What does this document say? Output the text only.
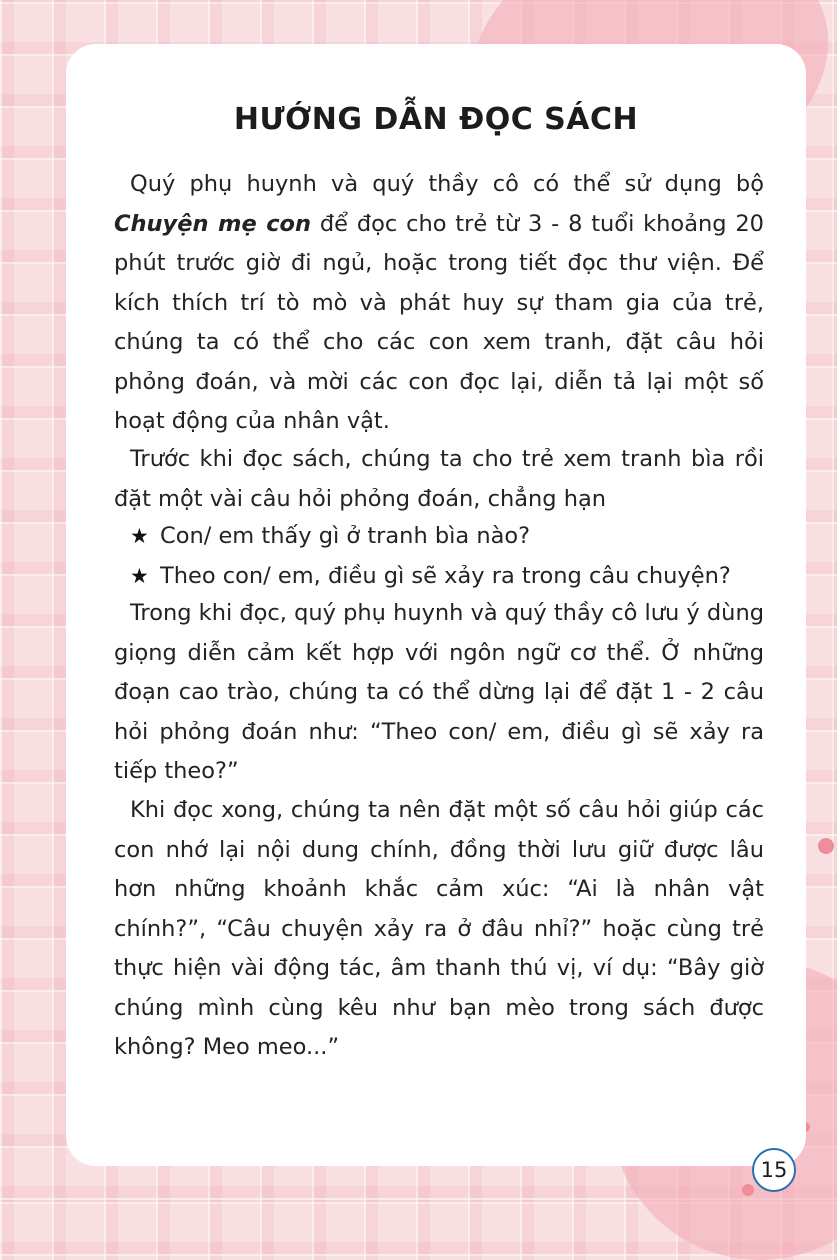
HƯỚNG DẪN ĐỌC SÁCH

Quý phụ huynh và quý thầy cô có thể sử dụng bộ Chuyện mẹ con để đọc cho trẻ từ 3 - 8 tuổi khoảng 20 phút trước giờ đi ngủ, hoặc trong tiết đọc thư viện. Để kích thích trí tò mò và phát huy sự tham gia của trẻ, chúng ta có thể cho các con xem tranh, đặt câu hỏi phỏng đoán, và mời các con đọc lại, diễn tả lại một số hoạt động của nhân vật.

Trước khi đọc sách, chúng ta cho trẻ xem tranh bìa rồi đặt một vài câu hỏi phỏng đoán, chẳng hạn

★ Con/ em thấy gì ở tranh bìa nào?
★ Theo con/ em, điều gì sẽ xảy ra trong câu chuyện?

Trong khi đọc, quý phụ huynh và quý thầy cô lưu ý dùng giọng diễn cảm kết hợp với ngôn ngữ cơ thể. Ở những đoạn cao trào, chúng ta có thể dừng lại để đặt 1 - 2 câu hỏi phỏng đoán như: “Theo con/ em, điều gì sẽ xảy ra tiếp theo?”

Khi đọc xong, chúng ta nên đặt một số câu hỏi giúp các con nhớ lại nội dung chính, đồng thời lưu giữ được lâu hơn những khoảnh khắc cảm xúc: “Ai là nhân vật chính?”, “Câu chuyện xảy ra ở đâu nhỉ?” hoặc cùng trẻ thực hiện vài động tác, âm thanh thú vị, ví dụ: “Bây giờ chúng mình cùng kêu như bạn mèo trong sách được không? Meo meo...”

15
